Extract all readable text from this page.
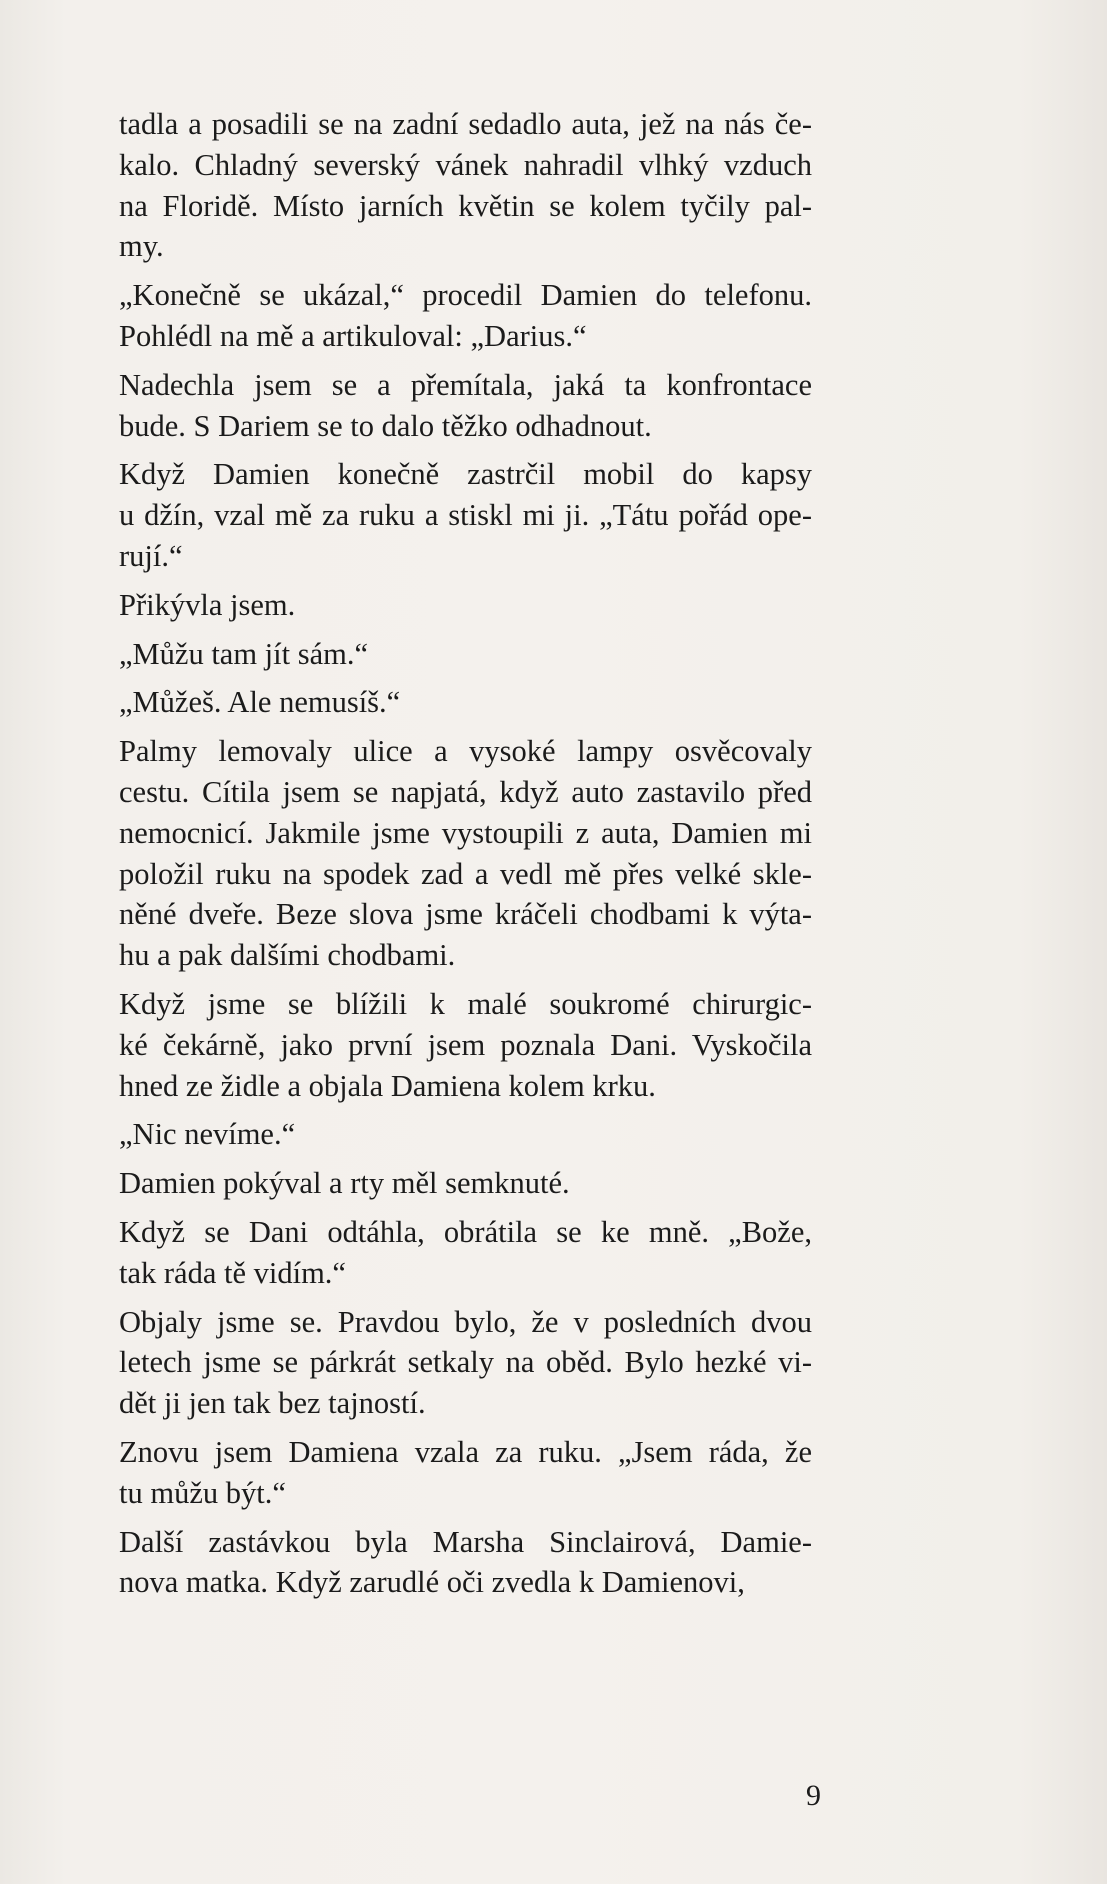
tadla a posadili se na zadní sedadlo auta, jež na nás če-
kalo. Chladný severský vánek nahradil vlhký vzduch
na Floridě. Místo jarních květin se kolem tyčily pal-
my.
„Konečně se ukázal,“ procedil Damien do telefonu.
Pohlédl na mě a artikuloval: „Darius.“
Nadechla jsem se a přemítala, jaká ta konfrontace
bude. S Dariem se to dalo těžko odhadnout.
Když Damien konečně zastrčil mobil do kapsy
u džín, vzal mě za ruku a stiskl mi ji. „Tátu pořád ope-
rují.“
Přikývla jsem.
„Můžu tam jít sám.“
„Můžeš. Ale nemusíš.“
Palmy lemovaly ulice a vysoké lampy osvěcovaly
cestu. Cítila jsem se napjatá, když auto zastavilo před
nemocnicí. Jakmile jsme vystoupili z auta, Damien mi
položil ruku na spodek zad a vedl mě přes velké skle-
něné dveře. Beze slova jsme kráčeli chodbami k výta-
hu a pak dalšími chodbami.
Když jsme se blížili k malé soukromé chirurgic-
ké čekárně, jako první jsem poznala Dani. Vyskočila
hned ze židle a objala Damiena kolem krku.
„Nic nevíme.“
Damien pokýval a rty měl semknuté.
Když se Dani odtáhla, obrátila se ke mně. „Bože,
tak ráda tě vidím.“
Objaly jsme se. Pravdou bylo, že v posledních dvou
letech jsme se párkrát setkaly na oběd. Bylo hezké vi-
dět ji jen tak bez tajností.
Znovu jsem Damiena vzala za ruku. „Jsem ráda, že
tu můžu být.“
Další zastávkou byla Marsha Sinclairová, Damie-
nova matka. Když zarudlé oči zvedla k Damienovi,
9
